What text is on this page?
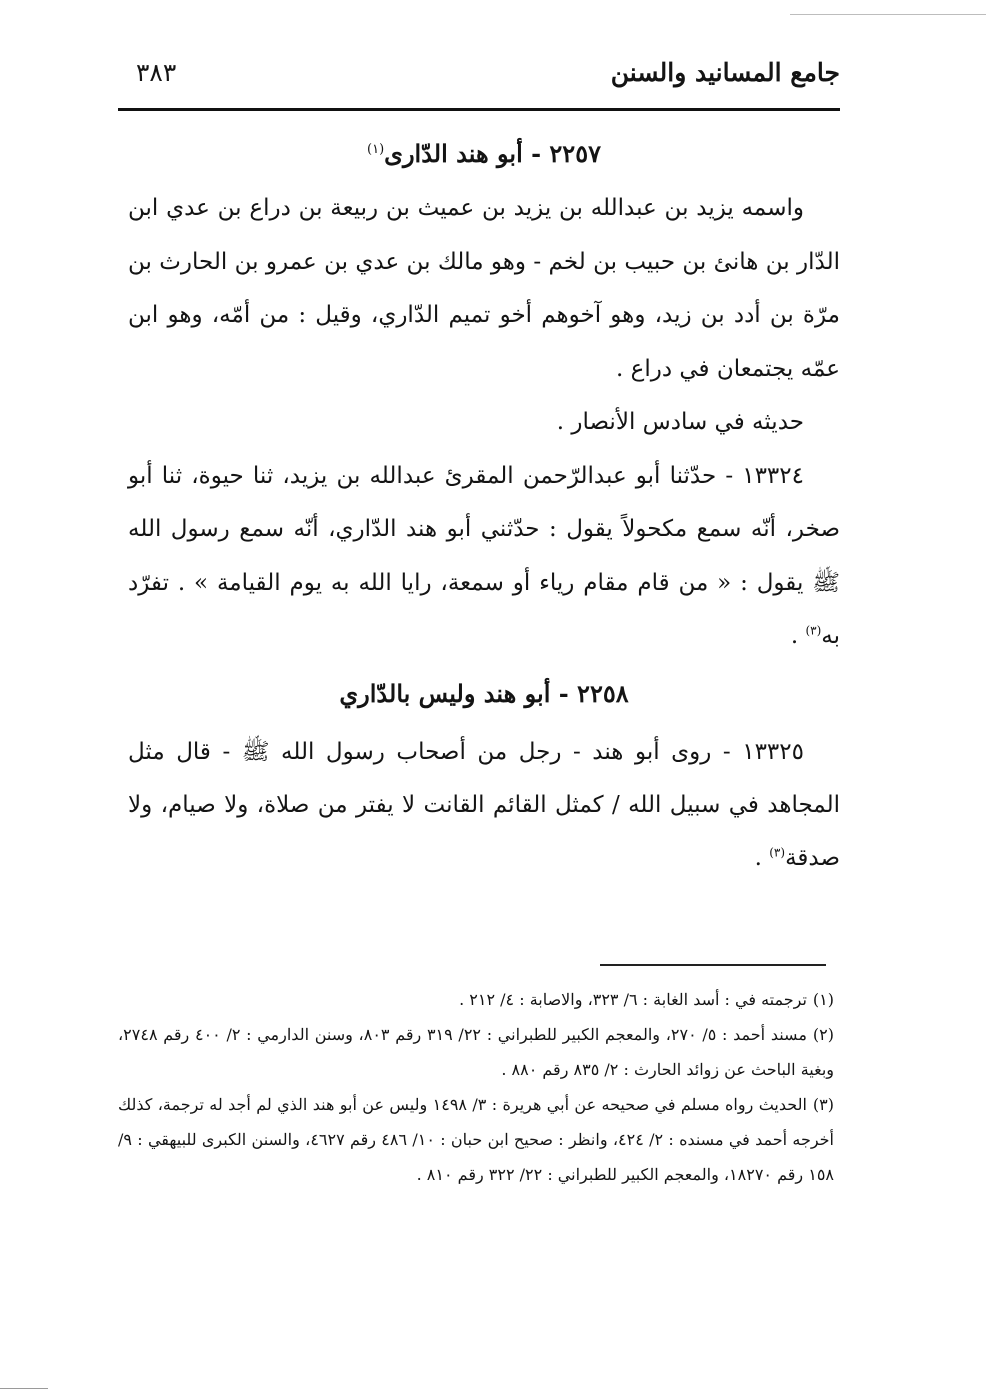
جامع المسانيد والسنن
٣٨٣
٢٢٥٧ - أبو هند الدّارى$^{(١)}$

واسمه يزيد بن عبدالله بن يزيد بن عميث بن ربيعة بن دراع بن عدي ابن الدّار بن هانئ بن حبيب بن لخم - وهو مالك بن عدي بن عمرو بن الحارث بن مرّة بن أدد بن زيد، وهو آخوهم أخو تميم الدّاري، وقيل : من أمّه، وهو ابن عمّه يجتمعان في دراع .

حديثه في سادس الأنصار .

١٣٣٢٤ - حدّثنا أبو عبدالرّحمن المقرئ عبدالله بن يزيد، ثنا حيوة، ثنا أبو صخر، أنّه سمع مكحولاً يقول : حدّثني أبو هند الدّاري، أنّه سمع رسول الله ﷺ يقول : « من قام مقام رياء أو سمعة، رايا الله به يوم القيامة » . تفرّد به$^{(٣)}$ .

٢٢٥٨ - أبو هند وليس بالدّاري

١٣٣٢٥ - روى أبو هند - رجل من أصحاب رسول الله ﷺ - قال مثل المجاهد في سبيل الله / كمثل القائم القانت لا يفتر من صلاة، ولا صيام، ولا صدقة$^{(٣)}$ .

(١)ترجمته في : أسد الغابة : ٦/ ٣٢٣، والاصابة : ٤/ ٢١٢ .

(٢)مسند أحمد : ٥/ ٢٧٠، والمعجم الكبير للطبراني : ٢٢/ ٣١٩ رقم ٨٠٣، وسنن الدارمي : ٢/ ٤٠٠ رقم ٢٧٤٨، وبغية الباحث عن زوائد الحارث : ٢/ ٨٣٥ رقم ٨٨٠ .

(٣)الحديث رواه مسلم في صحيحه عن أبي هريرة : ٣/ ١٤٩٨ وليس عن أبو هند الذي لم أجد له ترجمة، كذلك أخرجه أحمد في مسنده : ٢/ ٤٢٤، وانظر : صحيح ابن حبان : ١٠/ ٤٨٦ رقم ٤٦٢٧، والسنن الكبرى للبيهقي : ٩/ ١٥٨ رقم ١٨٢٧٠، والمعجم الكبير للطبراني : ٢٢/ ٣٢٢ رقم ٨١٠ .
